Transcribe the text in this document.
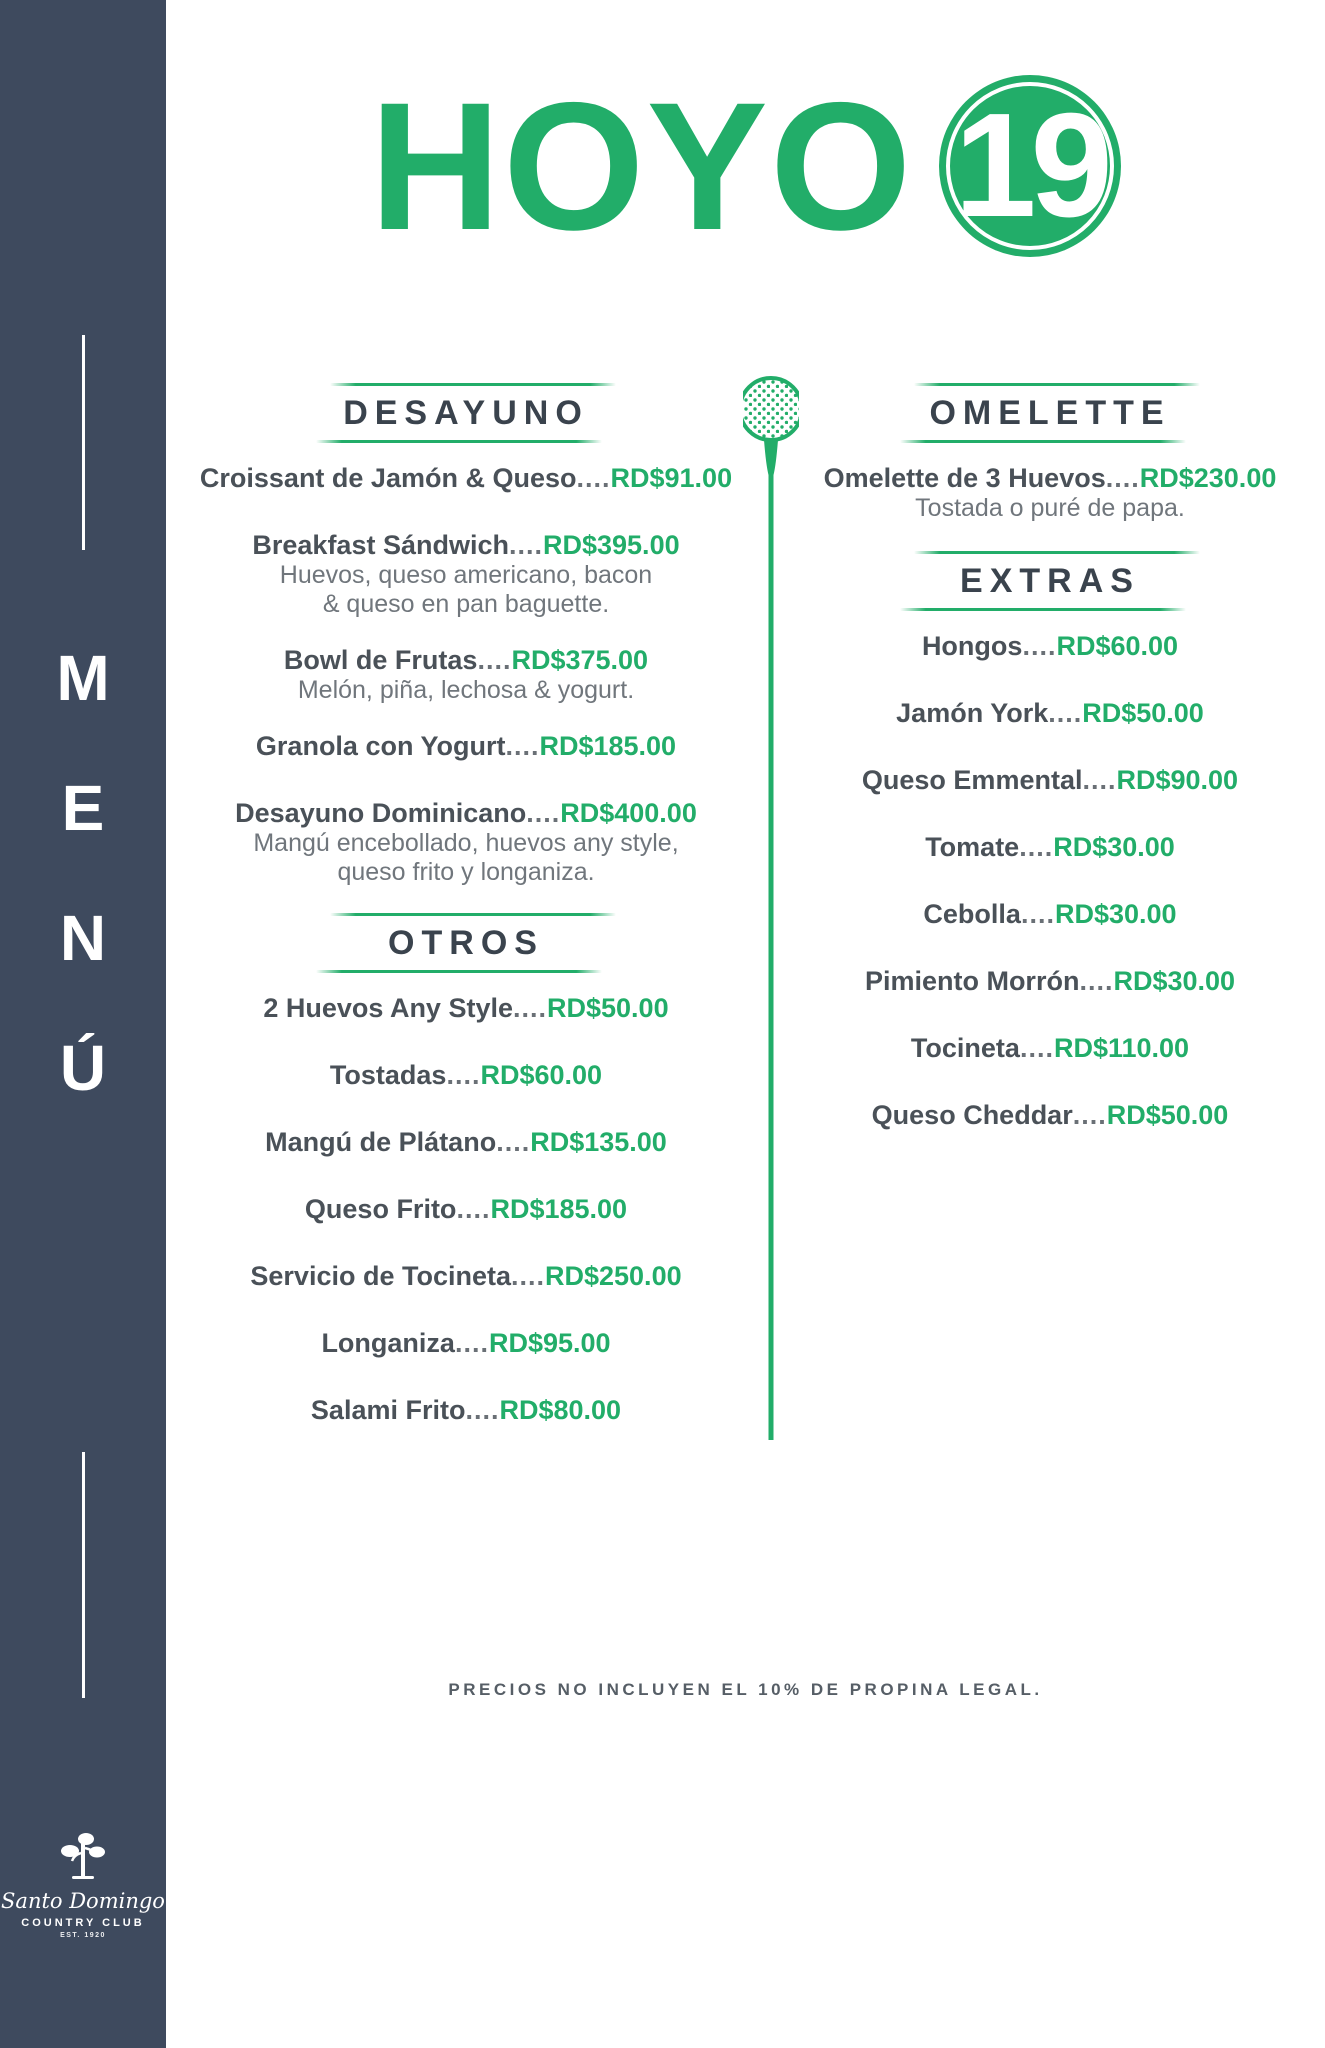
M
E
N
Ú
Santo Domingo
COUNTRY CLUB
EST. 1920
HOYO 19
DESAYUNO
Croissant de Jamón & Queso....RD$91.00
Breakfast Sándwich....RD$395.00
Huevos, queso americano, bacon
& queso en pan baguette.
Bowl de Frutas....RD$375.00
Melón, piña, lechosa & yogurt.
Granola con Yogurt....RD$185.00
Desayuno Dominicano....RD$400.00
Mangú encebollado, huevos any style,
queso frito y longaniza.
OTROS
2 Huevos Any Style....RD$50.00
Tostadas....RD$60.00
Mangú de Plátano....RD$135.00
Queso Frito....RD$185.00
Servicio de Tocineta....RD$250.00
Longaniza....RD$95.00
Salami Frito....RD$80.00
OMELETTE
Omelette de 3 Huevos....RD$230.00
Tostada o puré de papa.
EXTRAS
Hongos....RD$60.00
Jamón York....RD$50.00
Queso Emmental....RD$90.00
Tomate....RD$30.00
Cebolla....RD$30.00
Pimiento Morrón....RD$30.00
Tocineta....RD$110.00
Queso Cheddar....RD$50.00
PRECIOS NO INCLUYEN EL 10% DE PROPINA LEGAL.
